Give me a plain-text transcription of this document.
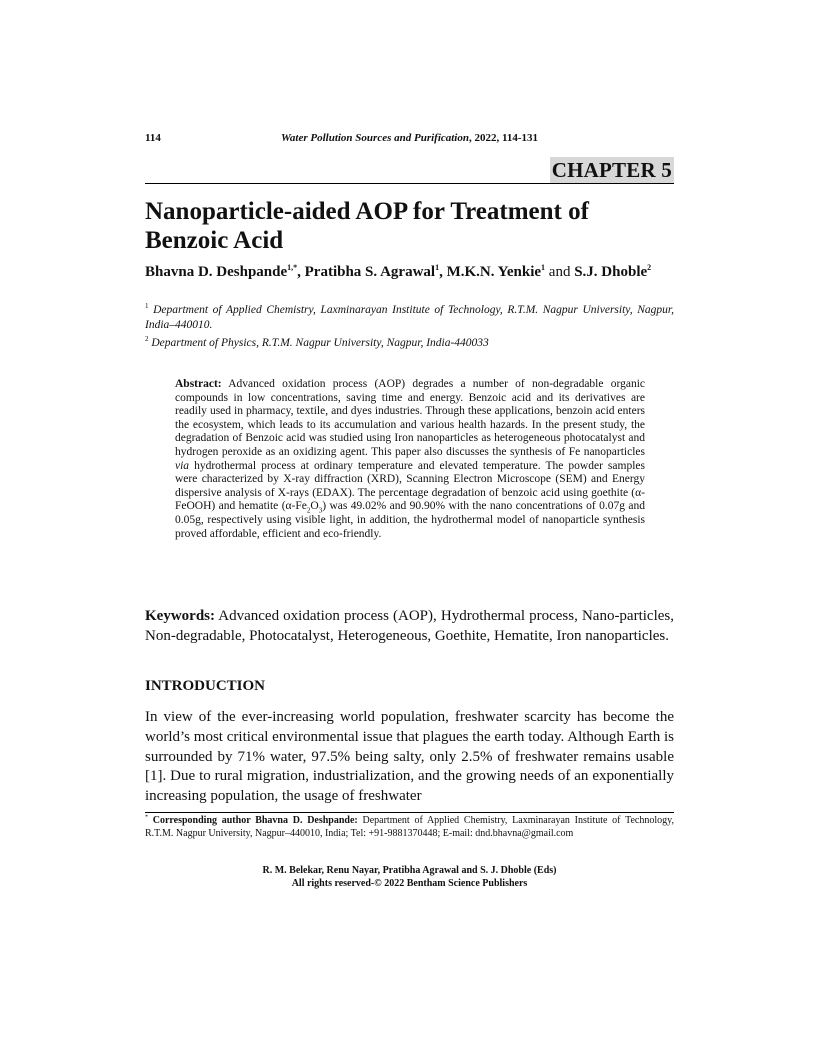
114	Water Pollution Sources and Purification, 2022, 114-131
CHAPTER 5
Nanoparticle-aided AOP for Treatment of Benzoic Acid
Bhavna D. Deshpande$^{1,*}$, Pratibha S. Agrawal$^1$, M.K.N. Yenkie$^1$ and S.J. Dhoble$^2$
$^1$ Department of Applied Chemistry, Laxminarayan Institute of Technology, R.T.M. Nagpur University, Nagpur, India–440010.
$^2$ Department of Physics, R.T.M. Nagpur University, Nagpur, India-440033
Abstract: Advanced oxidation process (AOP) degrades a number of non-degradable organic compounds in low concentrations, saving time and energy. Benzoic acid and its derivatives are readily used in pharmacy, textile, and dyes industries. Through these applications, benzoin acid enters the ecosystem, which leads to its accumulation and various health hazards. In the present study, the degradation of Benzoic acid was studied using Iron nanoparticles as heterogeneous photocatalyst and hydrogen peroxide as an oxidizing agent. This paper also discusses the synthesis of Fe nanoparticles via hydrothermal process at ordinary temperature and elevated temperature. The powder samples were characterized by X-ray diffraction (XRD), Scanning Electron Microscope (SEM) and Energy dispersive analysis of X-rays (EDAX). The percentage degradation of benzoic acid using goethite (α-FeOOH) and hematite $(\alpha-Fe_2O_3)$ was 49.02% and 90.90% with the nano concentrations of 0.07g and 0.05g, respectively using visible light, in addition, the hydrothermal model of nanoparticle synthesis proved affordable, efficient and eco-friendly.
Keywords: Advanced oxidation process (AOP), Hydrothermal process, Nano-particles, Non-degradable, Photocatalyst, Heterogeneous, Goethite, Hematite, Iron nanoparticles.
INTRODUCTION

In view of the ever-increasing world population, freshwater scarcity has become the world’s most critical environmental issue that plagues the earth today. Although Earth is surrounded by 71% water, 97.5% being salty, only 2.5% of freshwater remains usable [1]. Due to rural migration, industrialization, and the growing needs of an exponentially increasing population, the usage of freshwater

* Corresponding author Bhavna D. Deshpande: Department of Applied Chemistry, Laxminarayan Institute of Technology, R.T.M. Nagpur University, Nagpur–440010, India; Tel: +91-9881370448; E-mail: dnd.bhavna@gmail.com
R. M. Belekar, Renu Nayar, Pratibha Agrawal and S. J. Dhoble (Eds)
All rights reserved-© 2022 Bentham Science Publishers
